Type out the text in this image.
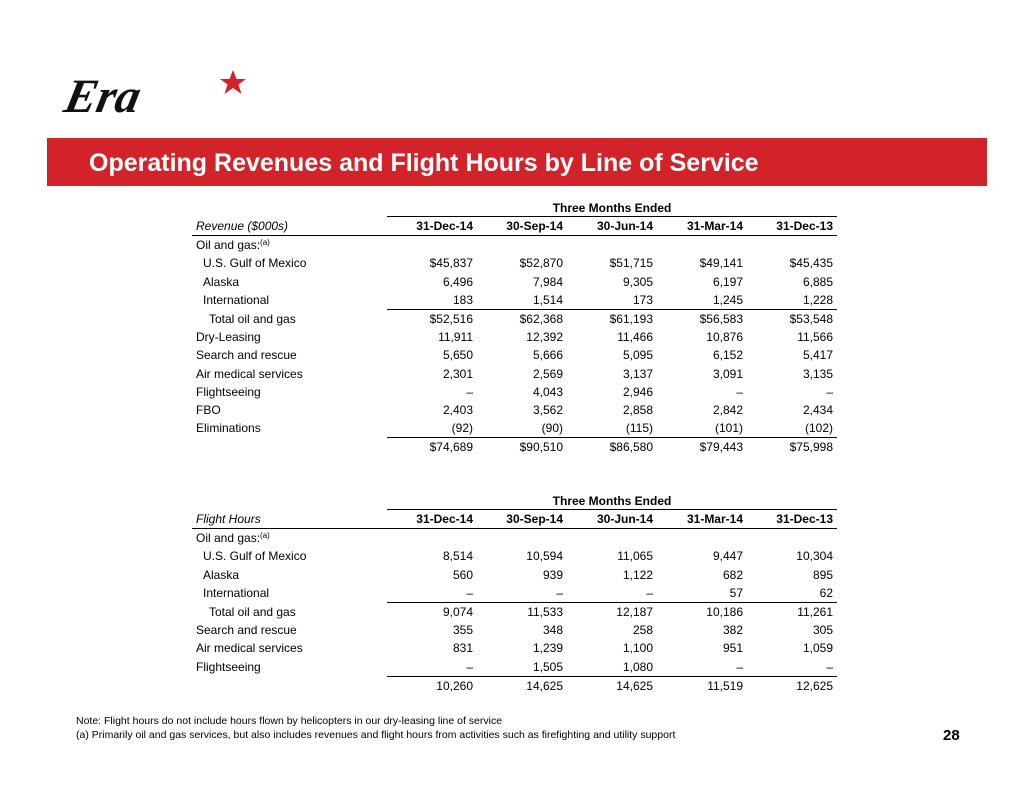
Era
Operating Revenues and Flight Hours by Line of Service
	Three Months Ended				
Revenue ($000s)	31-Dec-14	30-Sep-14	30-Jun-14	31-Mar-14	31-Dec-13
Oil and gas:$^{(a)}$					
U.S. Gulf of Mexico	$45,837	$52,870	$51,715	$49,141	$45,435
Alaska	6,496	7,984	9,305	6,197	6,885
International	183	1,514	173	1,245	1,228
Total oil and gas	$52,516	$62,368	$61,193	$56,583	$53,548
Dry-Leasing	11,911	12,392	11,466	10,876	11,566
Search and rescue	5,650	5,666	5,095	6,152	5,417
Air medical services	2,301	2,569	3,137	3,091	3,135
Flightseeing	–	4,043	2,946	–	–
FBO	2,403	3,562	2,858	2,842	2,434
Eliminations	(92)	(90)	(115)	(101)	(102)
	$74,689	$90,510	$86,580	$79,443	$75,998
	Three Months Ended				
Flight Hours	31-Dec-14	30-Sep-14	30-Jun-14	31-Mar-14	31-Dec-13
Oil and gas:$^{(a)}$					
U.S. Gulf of Mexico	8,514	10,594	11,065	9,447	10,304
Alaska	560	939	1,122	682	895
International	–	–	–	57	62
Total oil and gas	9,074	11,533	12,187	10,186	11,261
Search and rescue	355	348	258	382	305
Air medical services	831	1,239	1,100	951	1,059
Flightseeing	–	1,505	1,080	–	–
	10,260	14,625	14,625	11,519	12,625
Note: Flight hours do not include hours flown by helicopters in our dry-leasing line of service
(a) Primarily oil and gas services, but also includes revenues and flight hours from activities such as firefighting and utility support	28
